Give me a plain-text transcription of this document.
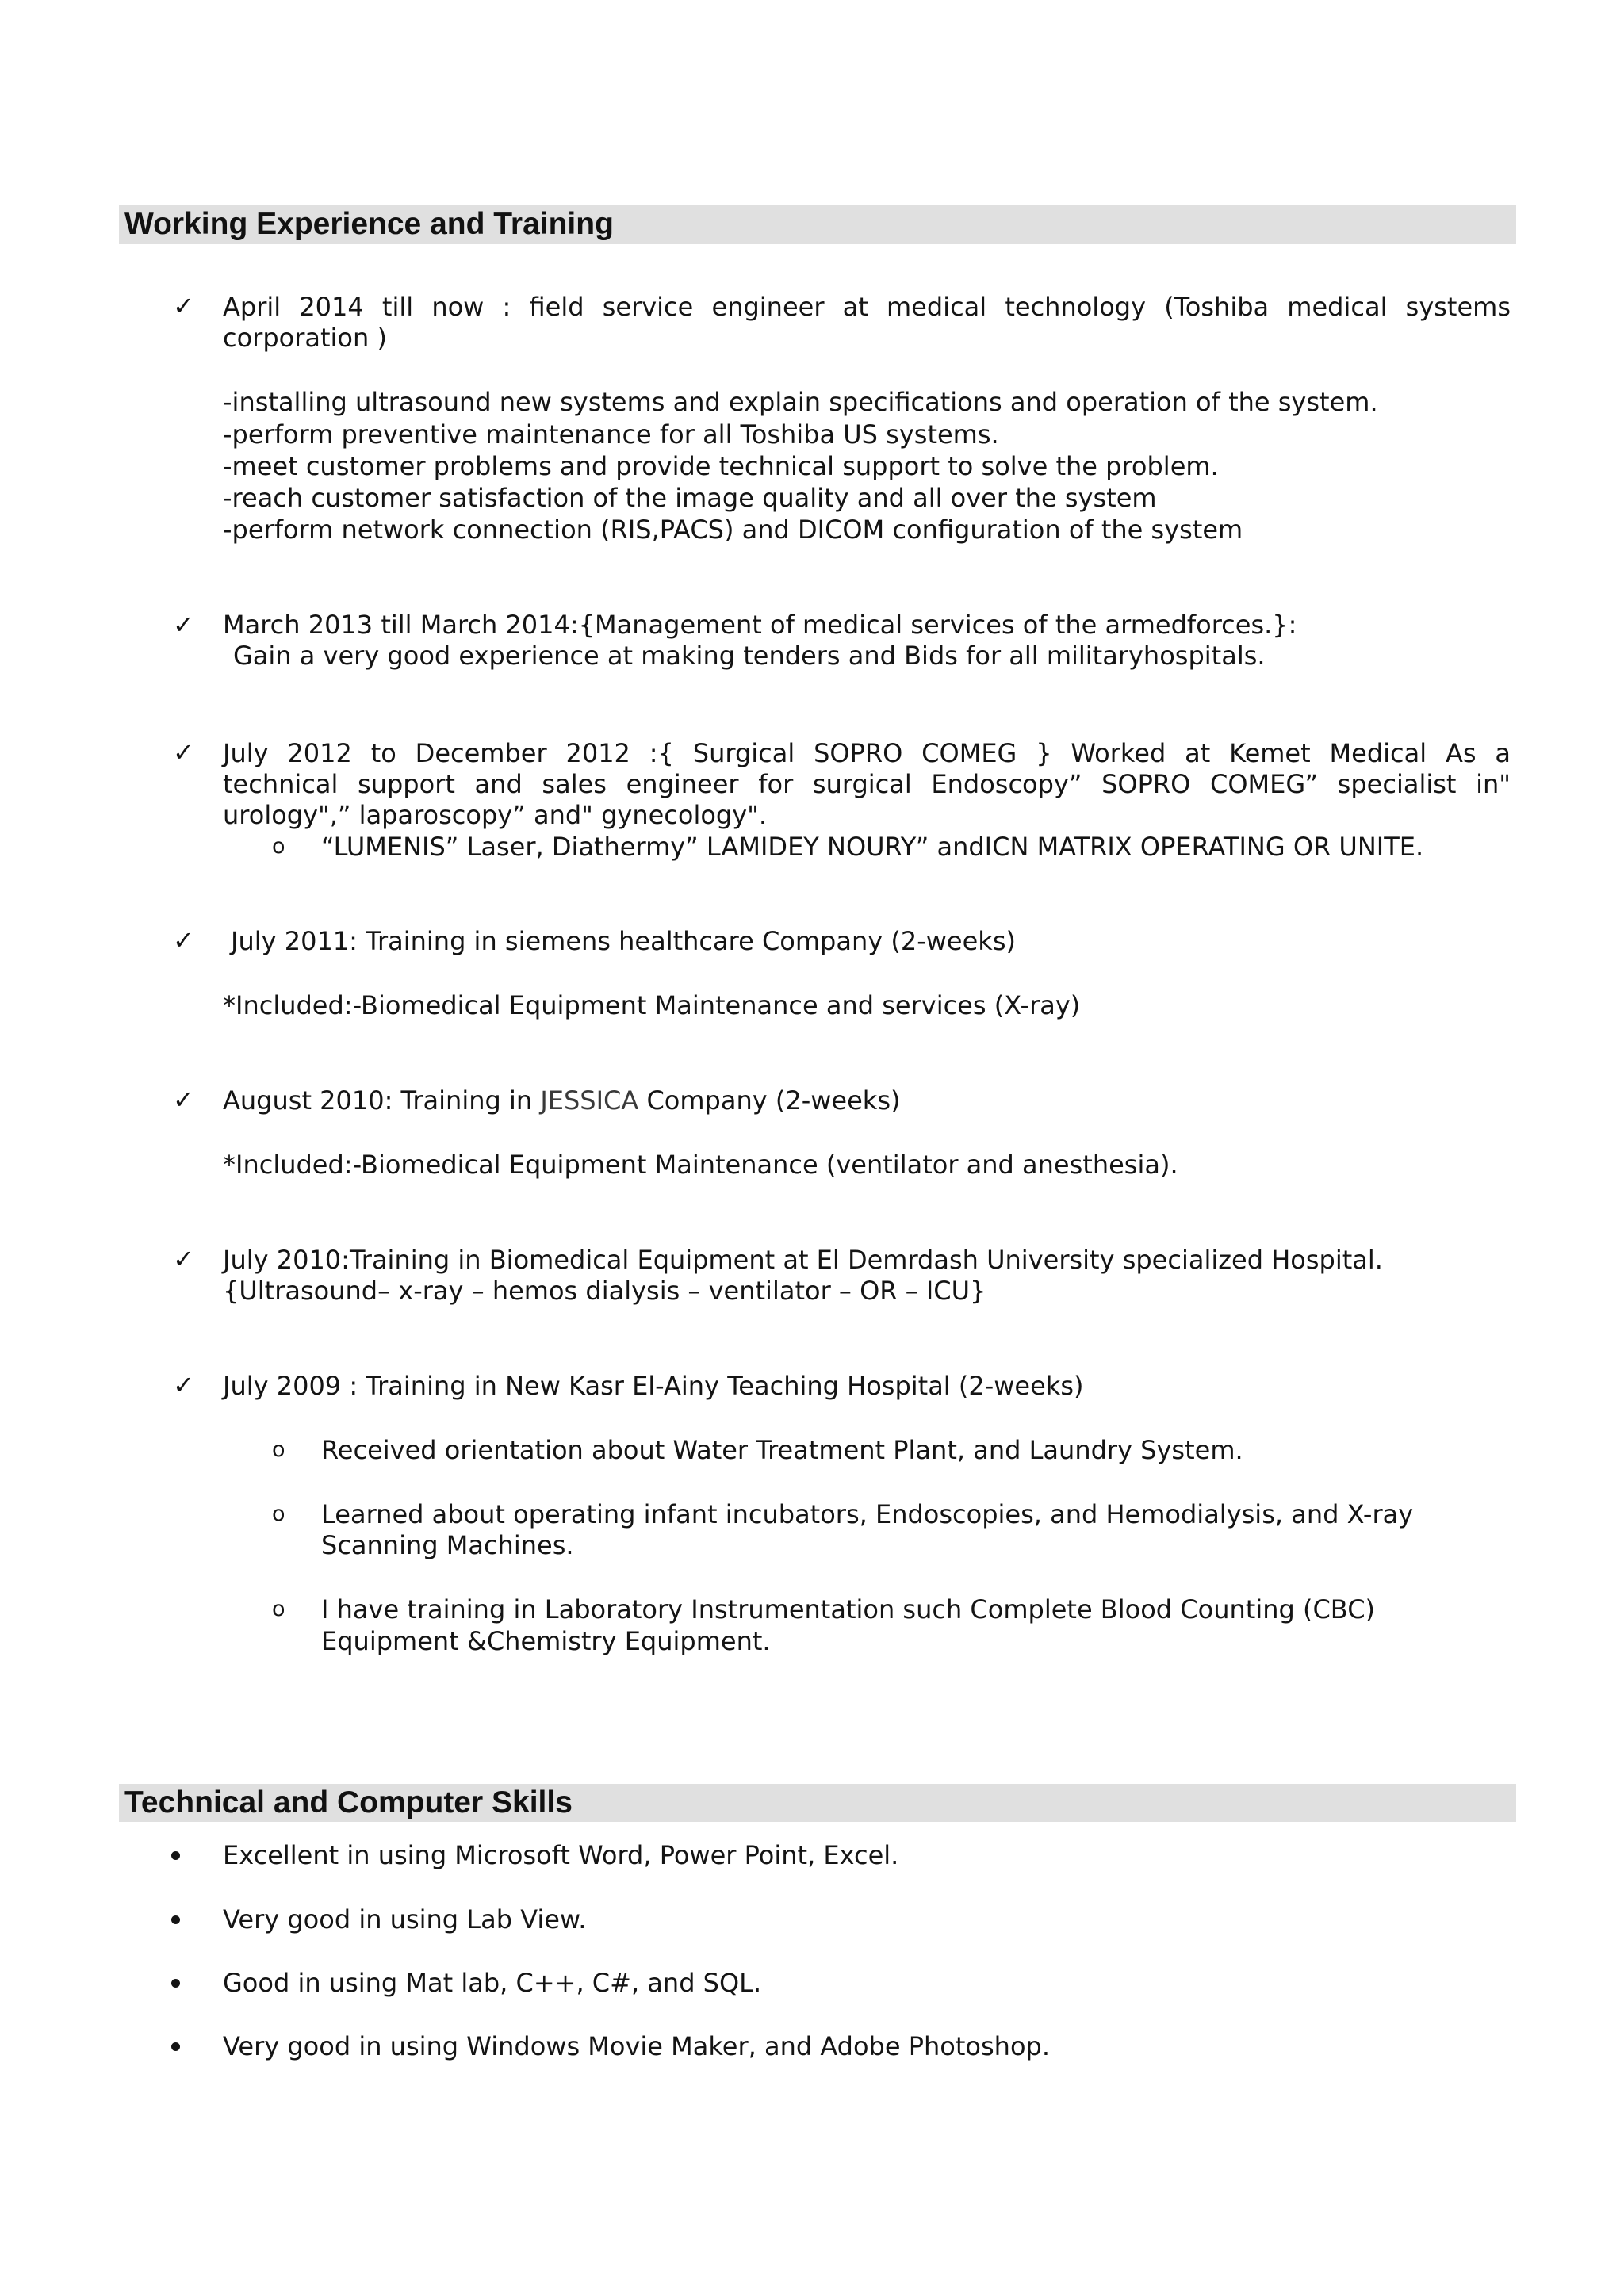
Working Experience and Training
✓ April 2014 till now : field service engineer at medical technology (Toshiba medical systems
corporation )
-installing ultrasound new systems and explain specifications and operation of the system.
-perform preventive maintenance for all Toshiba US systems.
-meet customer problems and provide technical support to solve the problem.
-reach customer satisfaction of the image quality and all over the system
-perform network connection (RIS,PACS) and DICOM configuration of the system
✓ March 2013 till March 2014:{Management of medical services of the armedforces.}:
Gain a very good experience at making tenders and Bids for all militaryhospitals.
✓ July 2012 to December 2012 :{ Surgical SOPRO COMEG } Worked at Kemet Medical As a
technical support and sales engineer for surgical Endoscopy” SOPRO COMEG” specialist in"
urology",” laparoscopy” and" gynecology".
o “LUMENIS” Laser, Diathermy” LAMIDEY NOURY” andICN MATRIX OPERATING OR UNITE.
✓ July 2011: Training in siemens healthcare Company (2-weeks)
*Included:-Biomedical Equipment Maintenance and services (X-ray)
✓ August 2010: Training in JESSICA Company (2-weeks)
*Included:-Biomedical Equipment Maintenance (ventilator and anesthesia).
✓ July 2010:Training in Biomedical Equipment at El Demrdash University specialized Hospital.
{Ultrasound– x-ray – hemos dialysis – ventilator – OR – ICU}
✓ July 2009 : Training in New Kasr El-Ainy Teaching Hospital (2-weeks)
o Received orientation about Water Treatment Plant, and Laundry System.
o Learned about operating infant incubators, Endoscopies, and Hemodialysis, and X-ray
Scanning Machines.
o I have training in Laboratory Instrumentation such Complete Blood Counting (CBC)
Equipment &Chemistry Equipment.
Technical and Computer Skills
Excellent in using Microsoft Word, Power Point, Excel.
Very good in using Lab View.
Good in using Mat lab, C++, C#, and SQL.
Very good in using Windows Movie Maker, and Adobe Photoshop.
